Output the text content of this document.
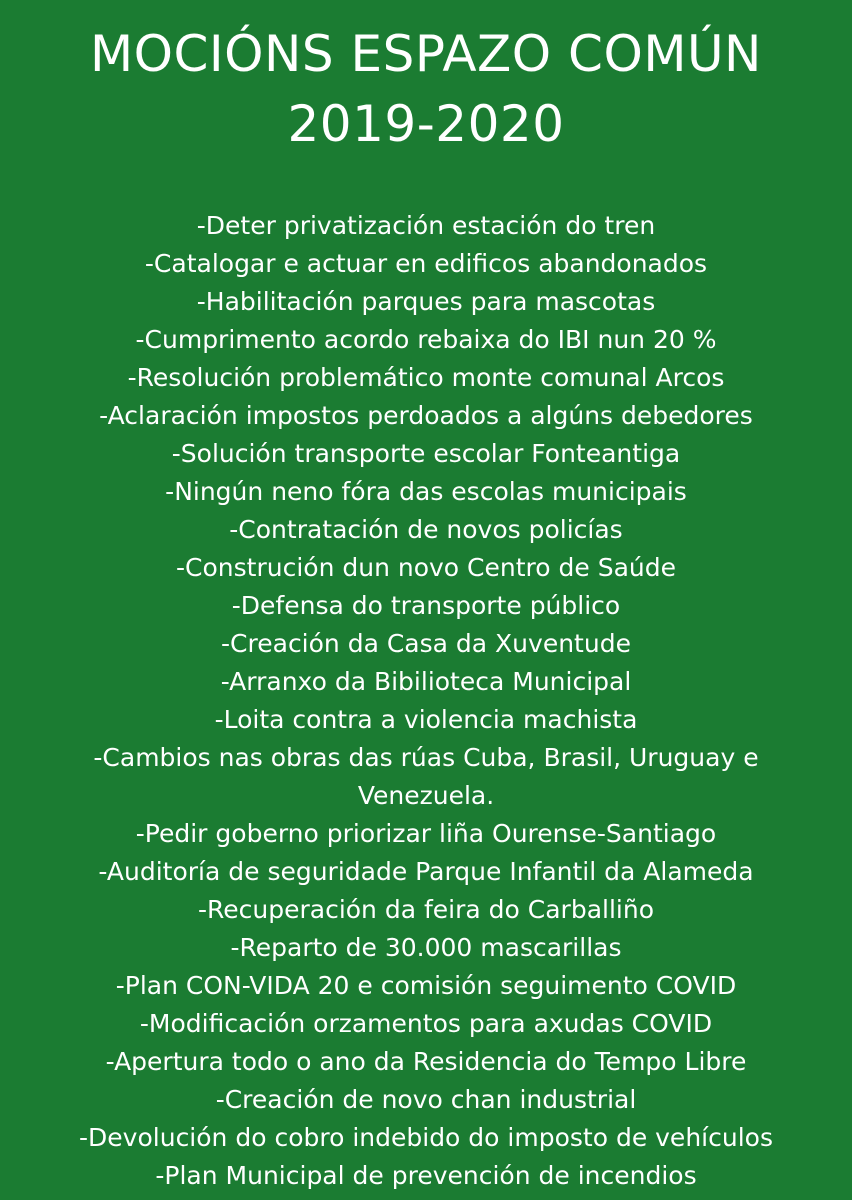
MOCIÓNS ESPAZO COMÚN
2019-2020
-Deter privatización estación do tren
-Catalogar e actuar en edificos abandonados
-Habilitación parques para mascotas
-Cumprimento acordo rebaixa do IBI nun 20 %
-Resolución problemático monte comunal Arcos
-Aclaración impostos perdoados a algúns debedores
-Solución transporte escolar Fonteantiga
-Ningún neno fóra das escolas municipais
-Contratación de novos policías
-Construción dun novo Centro de Saúde
-Defensa do transporte público
-Creación da Casa da Xuventude
-Arranxo da Bibilioteca Municipal
-Loita contra a violencia machista
-Cambios nas obras das rúas Cuba, Brasil, Uruguay e
Venezuela.
-Pedir goberno priorizar liña Ourense-Santiago
-Auditoría de seguridade Parque Infantil da Alameda
-Recuperación da feira do Carballiño
-Reparto de 30.000 mascarillas
-Plan CON-VIDA 20 e comisión seguimento COVID
-Modificación orzamentos para axudas COVID
-Apertura todo o ano da Residencia do Tempo Libre
-Creación de novo chan industrial
-Devolución do cobro indebido do imposto de vehículos
-Plan Municipal de prevención de incendios
